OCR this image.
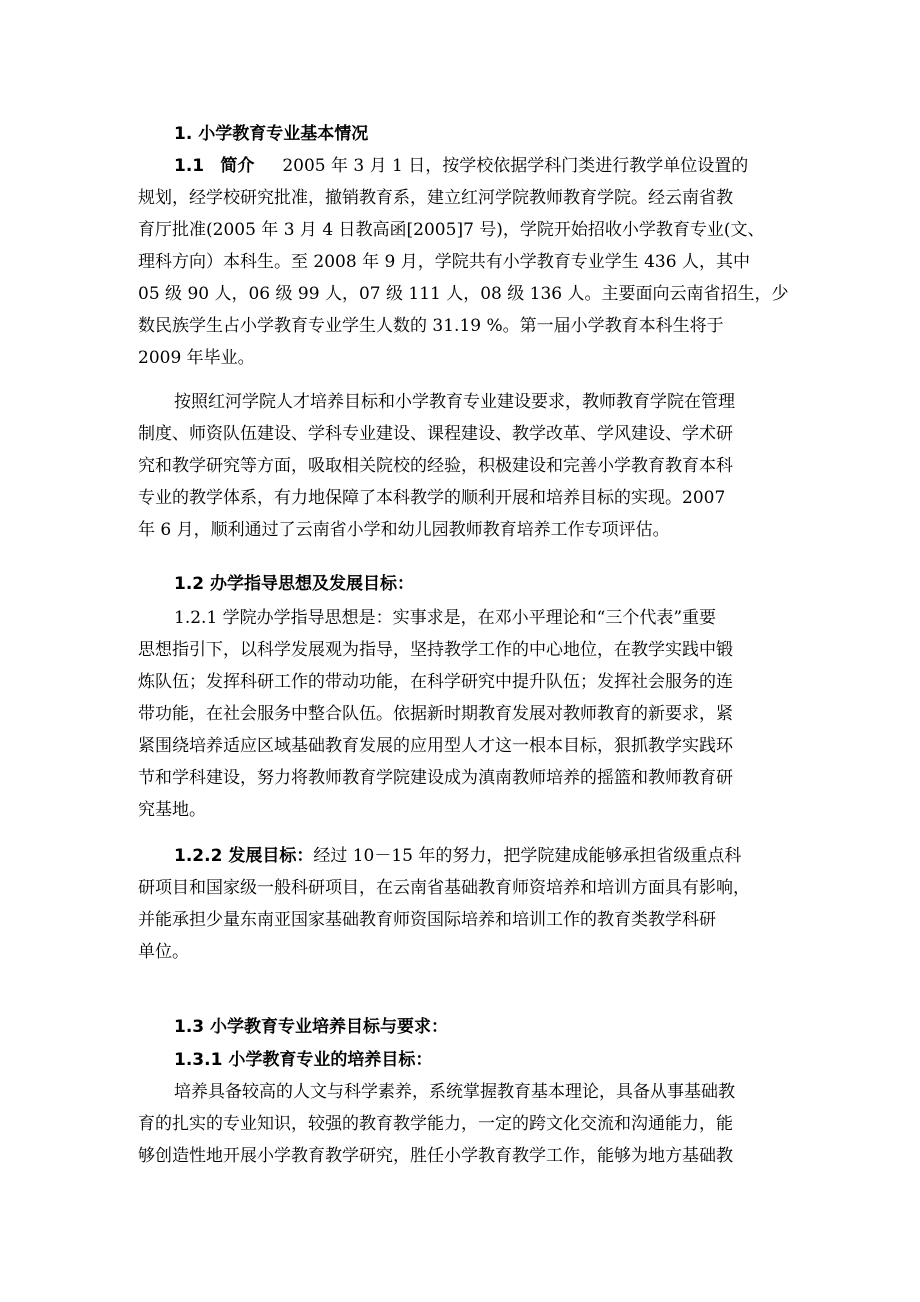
1. 小学教育专业基本情况
1.1 简介 2005 年 3 月 1 日，按学校依据学科门类进行教学单位设置的
规划，经学校研究批准，撤销教育系，建立红河学院教师教育学院。经云南省教
育厅批准(2005 年 3 月 4 日教高函[2005]7 号)，学院开始招收小学教育专业(文、
理科方向）本科生。至 2008 年 9 月，学院共有小学教育专业学生 436 人，其中
05 级 90 人，06 级 99 人，07 级 111 人，08 级 136 人。主要面向云南省招生，少
数民族学生占小学教育专业学生人数的 31.19 %。第一届小学教育本科生将于
2009 年毕业。
按照红河学院人才培养目标和小学教育专业建设要求，教师教育学院在管理
制度、师资队伍建设、学科专业建设、课程建设、教学改革、学风建设、学术研
究和教学研究等方面，吸取相关院校的经验，积极建设和完善小学教育教育本科
专业的教学体系，有力地保障了本科教学的顺利开展和培养目标的实现。2007
年 6 月，顺利通过了云南省小学和幼儿园教师教育培养工作专项评估。
1.2 办学指导思想及发展目标：
1.2.1 学院办学指导思想是：实事求是，在邓小平理论和“三个代表”重要
思想指引下，以科学发展观为指导，坚持教学工作的中心地位，在教学实践中锻
炼队伍；发挥科研工作的带动功能，在科学研究中提升队伍；发挥社会服务的连
带功能，在社会服务中整合队伍。依据新时期教育发展对教师教育的新要求，紧
紧围绕培养适应区域基础教育发展的应用型人才这一根本目标，狠抓教学实践环
节和学科建设，努力将教师教育学院建设成为滇南教师培养的摇篮和教师教育研
究基地。
1.2.2 发展目标：经过 10－15 年的努力，把学院建成能够承担省级重点科
研项目和国家级一般科研项目，在云南省基础教育师资培养和培训方面具有影响，
并能承担少量东南亚国家基础教育师资国际培养和培训工作的教育类教学科研
单位。
1.3 小学教育专业培养目标与要求：
1.3.1 小学教育专业的培养目标：
培养具备较高的人文与科学素养，系统掌握教育基本理论，具备从事基础教
育的扎实的专业知识，较强的教育教学能力，一定的跨文化交流和沟通能力，能
够创造性地开展小学教育教学研究，胜任小学教育教学工作，能够为地方基础教
